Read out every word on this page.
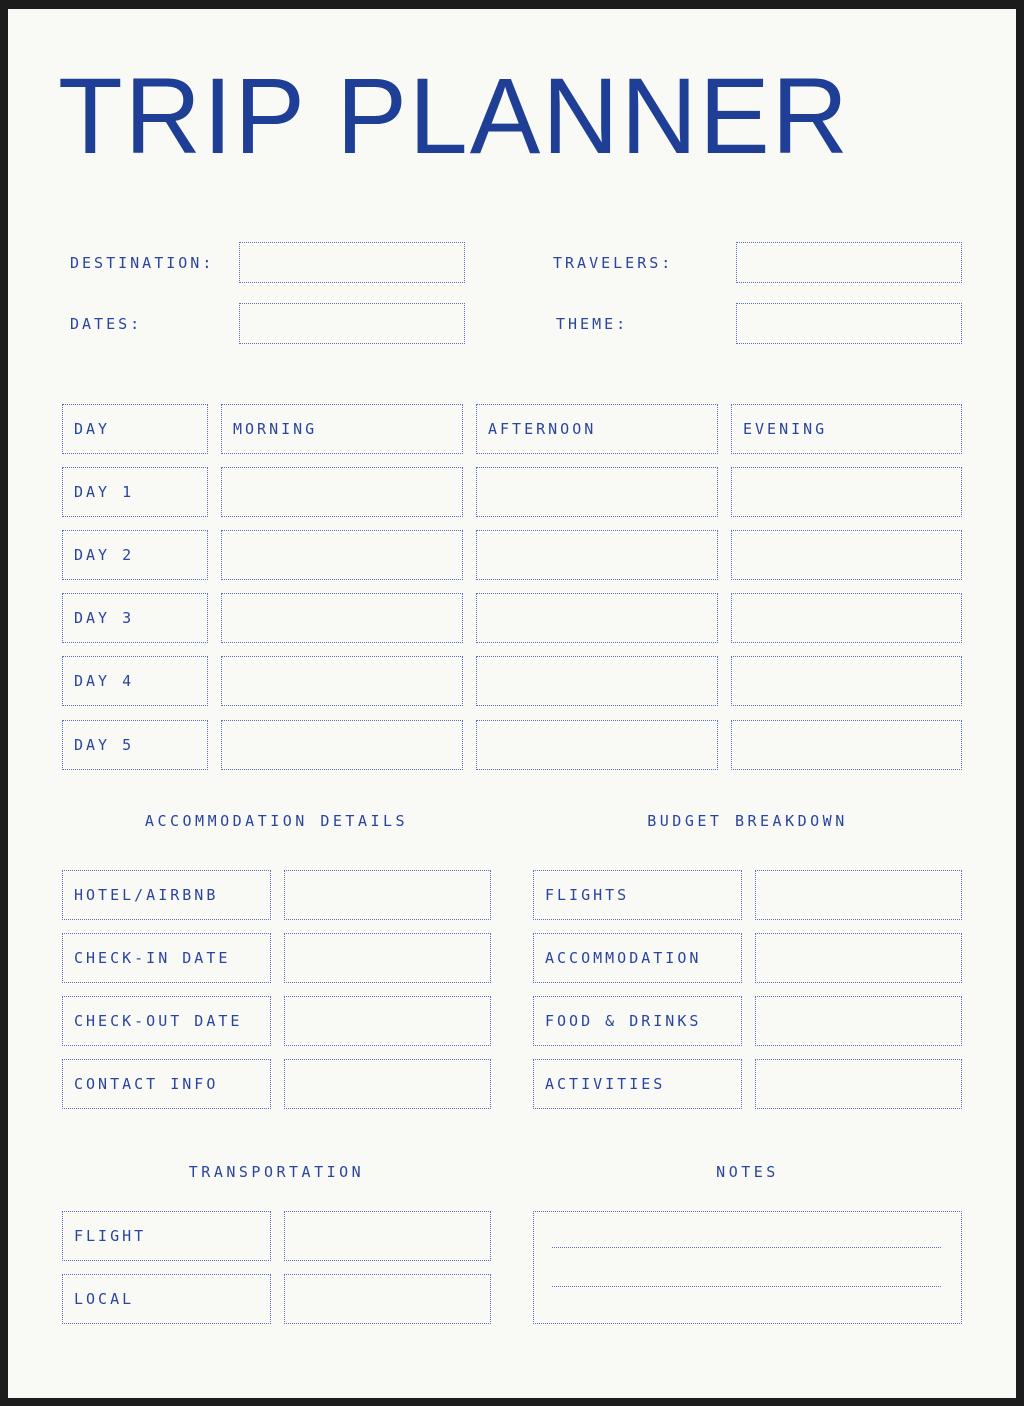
TRIP PLANNER
DESTINATION:
DATES:
TRAVELERS:
THEME:
DAY	MORNING	AFTERNOON	EVENING
DAY 1
DAY 2
DAY 3
DAY 4
DAY 5
ACCOMMODATION DETAILS	BUDGET BREAKDOWN
HOTEL/AIRBNB
CHECK-IN DATE
CHECK-OUT DATE
CONTACT INFO
FLIGHTS
ACCOMMODATION
FOOD & DRINKS
ACTIVITIES
TRANSPORTATION	NOTES
FLIGHT
LOCAL
